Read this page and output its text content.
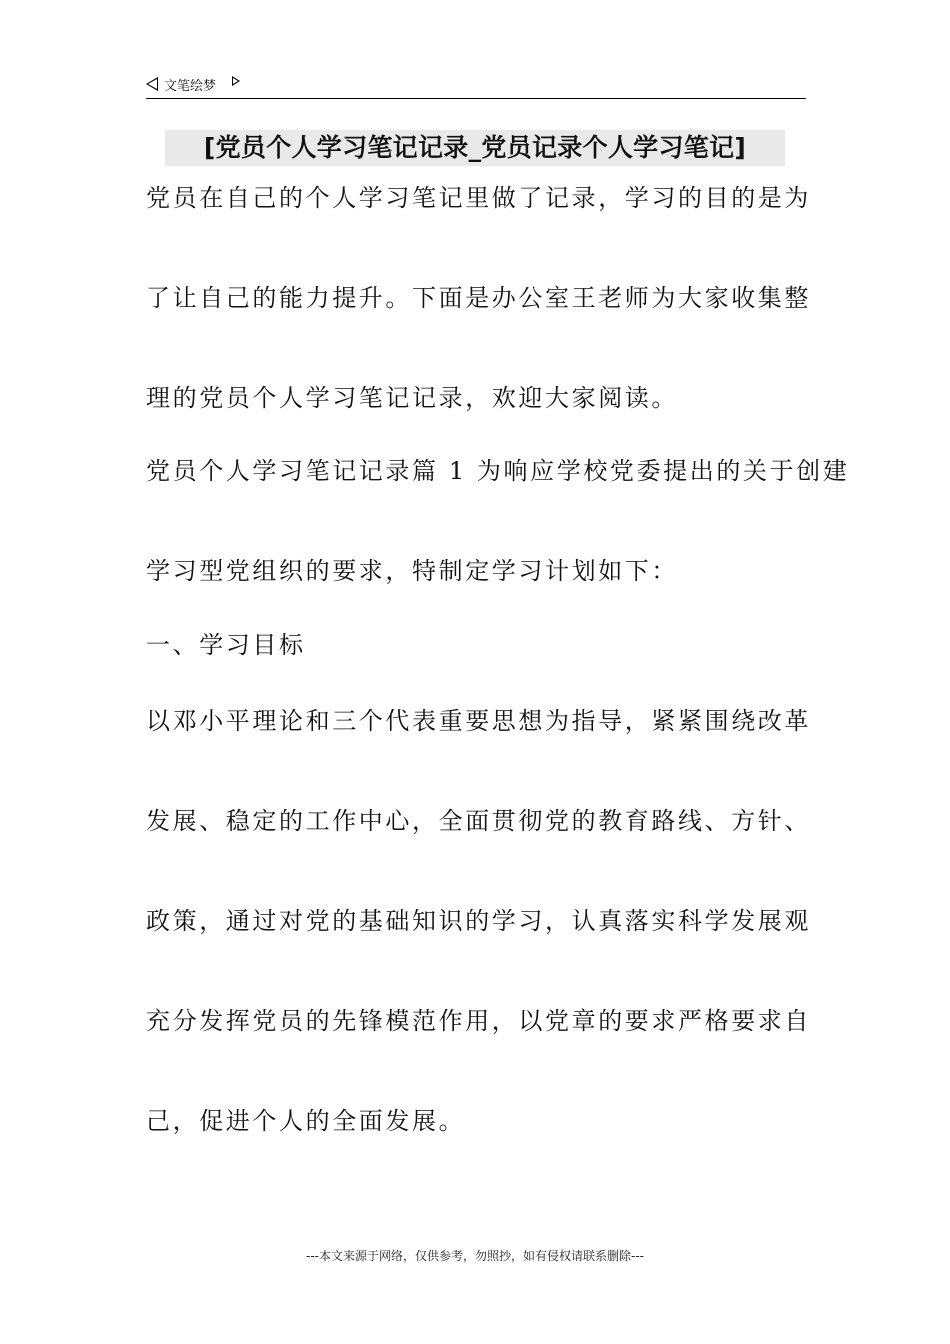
文笔绘梦
[党员个人学习笔记记录_党员记录个人学习笔记]
党员在自己的个人学习笔记里做了记录，学习的目的是为
了让自己的能力提升。下面是办公室王老师为大家收集整
理的党员个人学习笔记记录，欢迎大家阅读。
党员个人学习笔记记录篇 1 为响应学校党委提出的关于创建
学习型党组织的要求，特制定学习计划如下：
一、学习目标
以邓小平理论和三个代表重要思想为指导，紧紧围绕改革
发展、稳定的工作中心，全面贯彻党的教育路线、方针、
政策，通过对党的基础知识的学习，认真落实科学发展观
充分发挥党员的先锋模范作用，以党章的要求严格要求自
己，促进个人的全面发展。
---本文来源于网络，仅供参考，勿照抄，如有侵权请联系删除---
